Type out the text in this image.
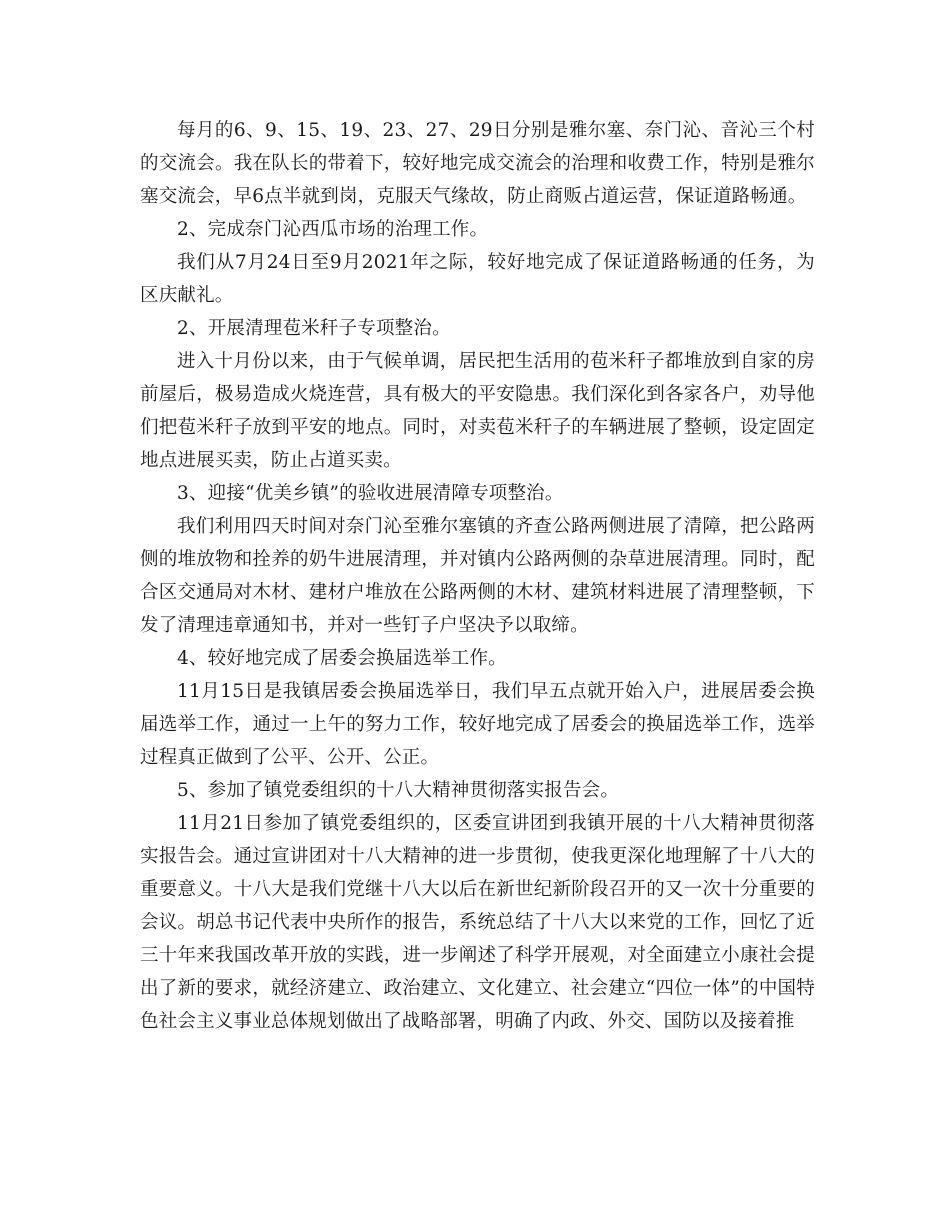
每月的6、9、15、19、23、27、29日分别是雅尔塞、奈门沁、音沁三个村的交流会。我在队长的带着下，较好地完成交流会的治理和收费工作，特别是雅尔塞交流会，早6点半就到岗，克服天气缘故，防止商贩占道运营，保证道路畅通。

2、完成奈门沁西瓜市场的治理工作。

我们从7月24日至9月2021年之际，较好地完成了保证道路畅通的任务，为区庆献礼。

2、开展清理苞米秆子专项整治。

进入十月份以来，由于气候单调，居民把生活用的苞米秆子都堆放到自家的房前屋后，极易造成火烧连营，具有极大的平安隐患。我们深化到各家各户，劝导他们把苞米秆子放到平安的地点。同时，对卖苞米秆子的车辆进展了整顿，设定固定地点进展买卖，防止占道买卖。

3、迎接“优美乡镇”的验收进展清障专项整治。

我们利用四天时间对奈门沁至雅尔塞镇的齐查公路两侧进展了清障，把公路两侧的堆放物和拴养的奶牛进展清理，并对镇内公路两侧的杂草进展清理。同时，配合区交通局对木材、建材户堆放在公路两侧的木材、建筑材料进展了清理整顿，下发了清理违章通知书，并对一些钉子户坚决予以取缔。

4、较好地完成了居委会换届选举工作。

11月15日是我镇居委会换届选举日，我们早五点就开始入户，进展居委会换届选举工作，通过一上午的努力工作，较好地完成了居委会的换届选举工作，选举过程真正做到了公平、公开、公正。

5、参加了镇党委组织的十八大精神贯彻落实报告会。

11月21日参加了镇党委组织的，区委宣讲团到我镇开展的十八大精神贯彻落实报告会。通过宣讲团对十八大精神的进一步贯彻，使我更深化地理解了十八大的重要意义。十八大是我们党继十八大以后在新世纪新阶段召开的又一次十分重要的会议。胡总书记代表中央所作的报告，系统总结了十八大以来党的工作，回忆了近三十年来我国改革开放的实践，进一步阐述了科学开展观，对全面建立小康社会提出了新的要求，就经济建立、政治建立、文化建立、社会建立“四位一体”的中国特色社会主义事业总体规划做出了战略部署，明确了内政、外交、国防以及接着推
